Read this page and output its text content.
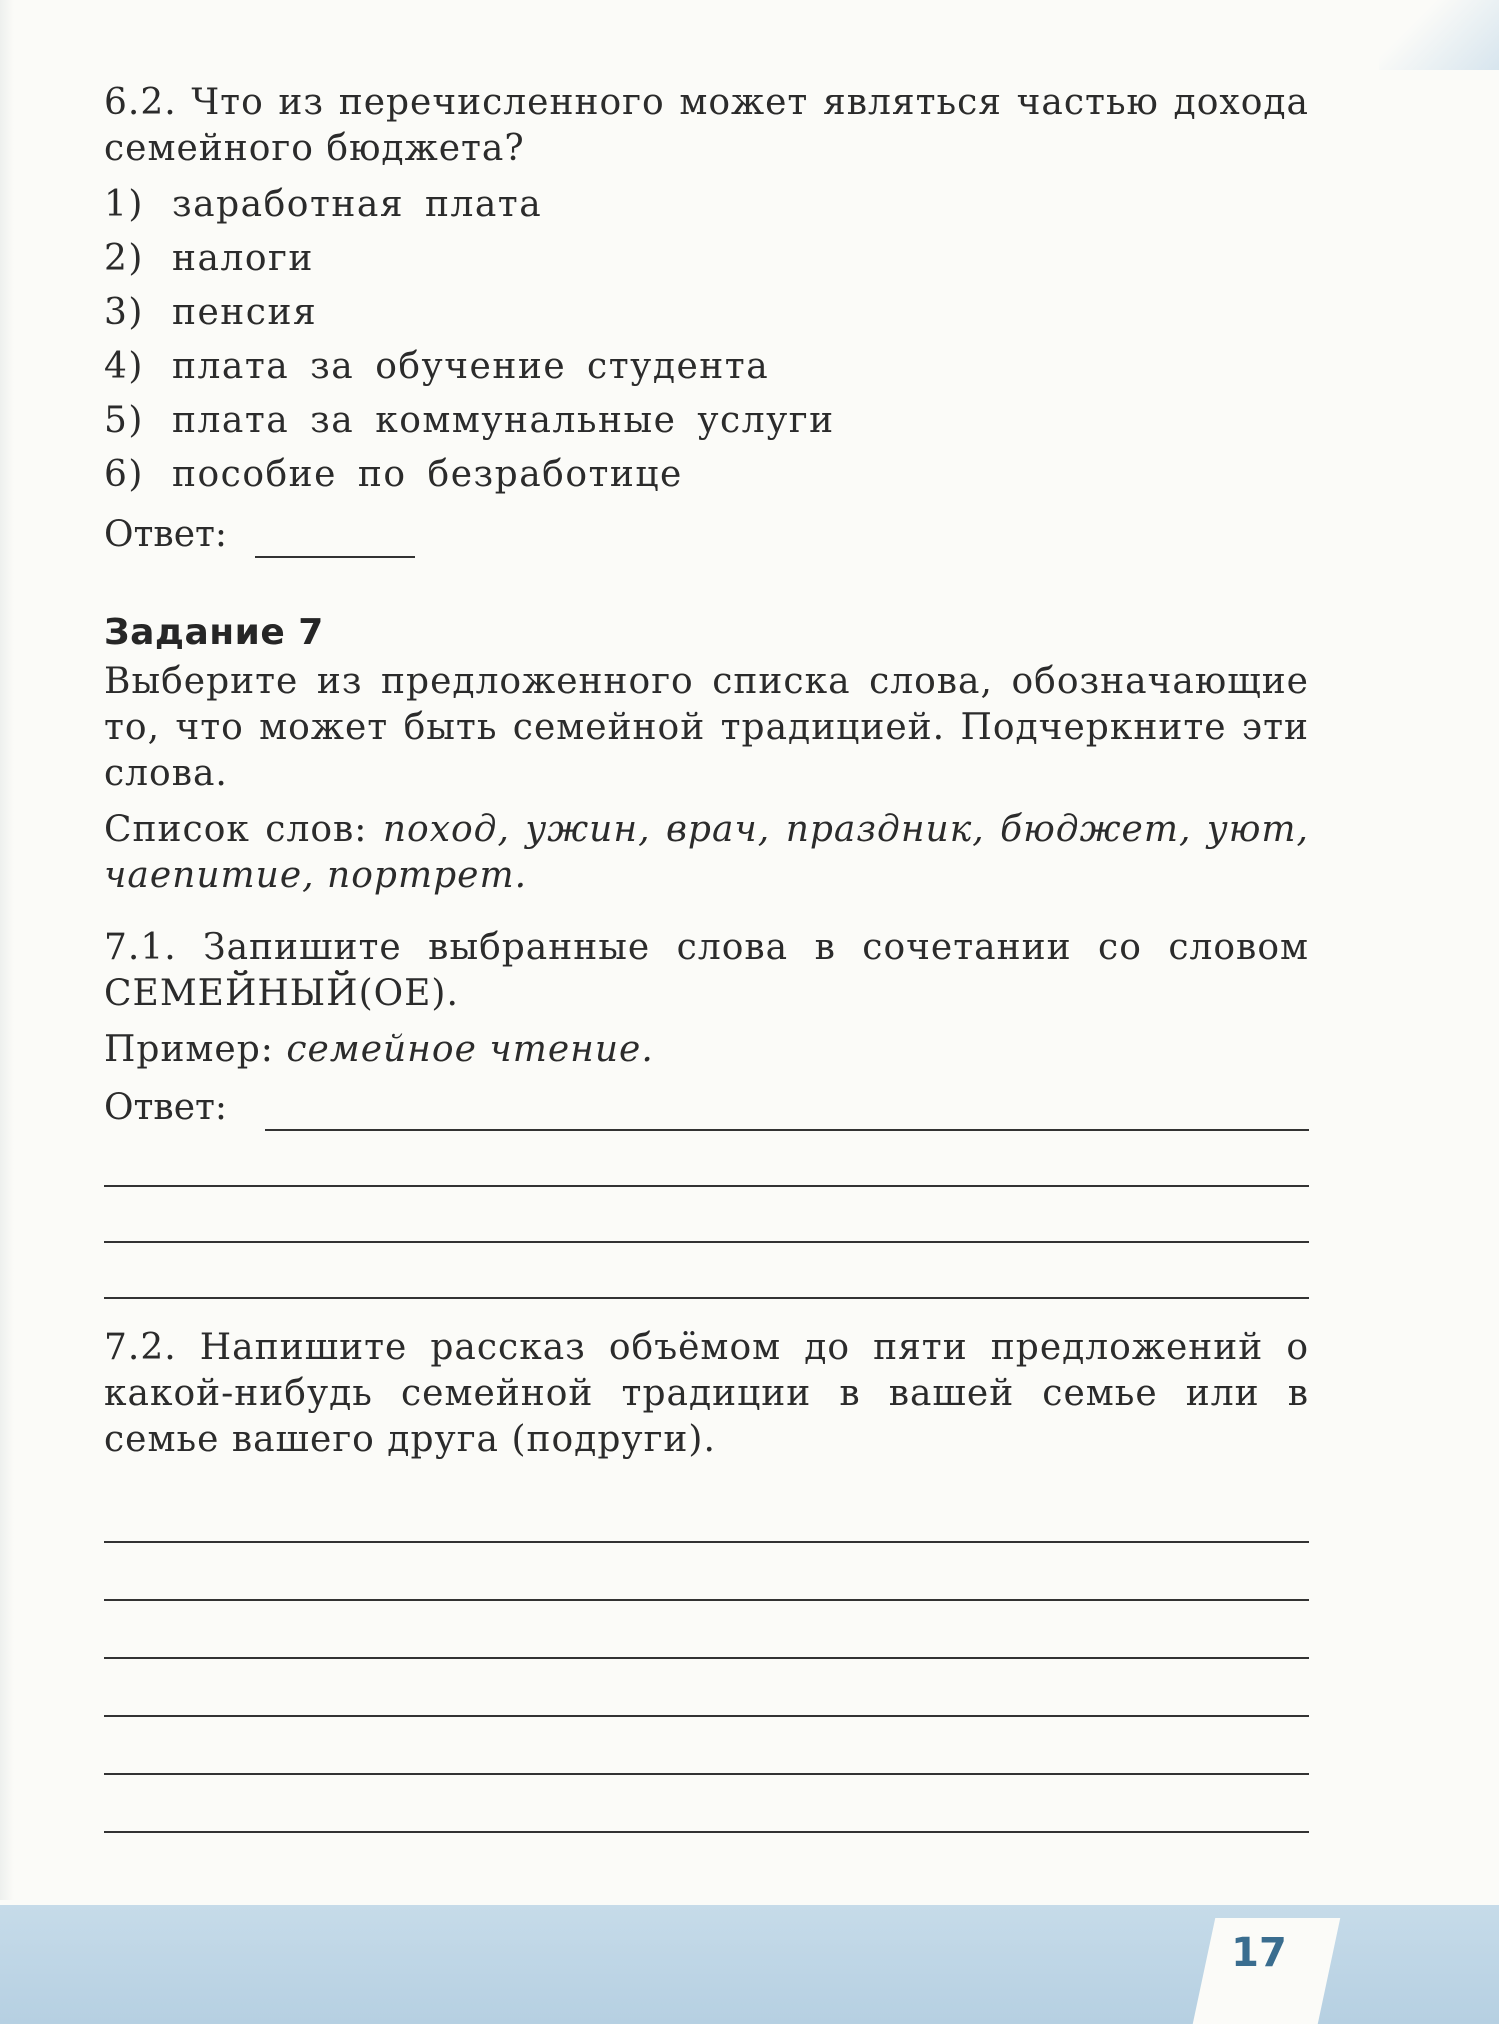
6.2. Что из перечисленного может являться частью дохода семейного бюджета?

1) заработная плата
2) налоги
3) пенсия
4) плата за обучение студента
5) плата за коммунальные услуги
6) пособие по безработице
Ответ:
Задание 7

Выберите из предложенного списка слова, обозначающие то, что может быть семейной традицией. Подчеркните эти слова.

Список слов: поход, ужин, врач, праздник, бюджет, уют, чаепитие, портрет.

7.1. Запишите выбранные слова в сочетании со словом СЕМЕЙНЫЙ(ОЕ).

Пример: семейное чтение.

Ответ:

7.2. Напишите рассказ объёмом до пяти предложений о какой-нибудь семейной традиции в вашей семье или в семье вашего друга (подруги).

17
